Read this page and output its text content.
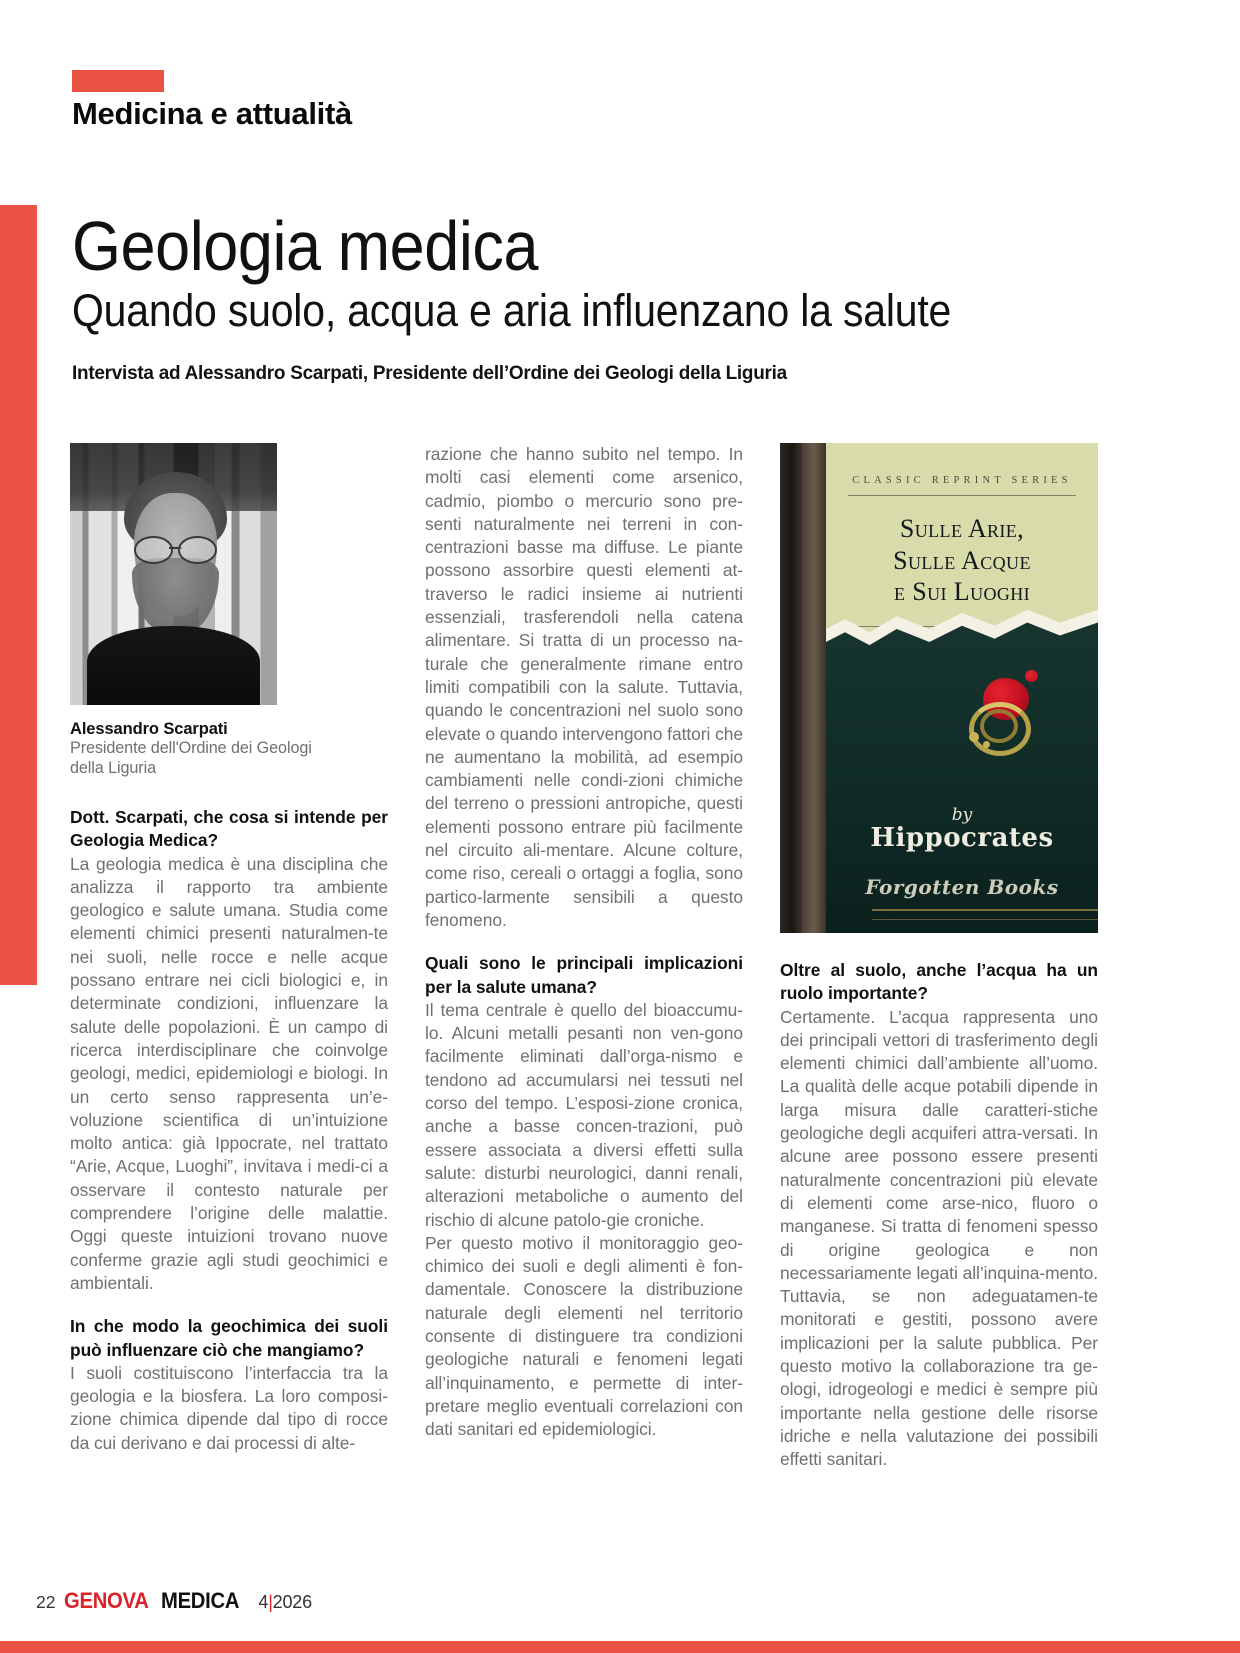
Medicina e attualità
Geologia medica
Quando suolo, acqua e aria influenzano la salute
Intervista ad Alessandro Scarpati, Presidente dell’Ordine dei Geologi della Liguria
Alessandro Scarpati
Presidente dell'Ordine dei Geologi
della Liguria

Dott. Scarpati, che cosa si intende per Geologia Medica?

La geologia medica è una disciplina che analizza il rapporto tra ambiente geologico e salute umana. Studia come elementi chimici presenti naturalmen-te nei suoli, nelle rocce e nelle acque possano entrare nei cicli biologici e, in determinate condizioni, influenzare la salute delle popolazioni. È un campo di ricerca interdisciplinare che coinvolge geologi, medici, epidemiologi e biologi. In un certo senso rappresenta un’e-voluzione scientifica di un’intuizione molto antica: già Ippocrate, nel trattato “Arie, Acque, Luoghi”, invitava i medi-ci a osservare il contesto naturale per comprendere l’origine delle malattie. Oggi queste intuizioni trovano nuove conferme grazie agli studi geochimici e ambientali.

In che modo la geochimica dei suoli può influenzare ciò che mangiamo?

I suoli costituiscono l’interfaccia tra la geologia e la biosfera. La loro composi-zione chimica dipende dal tipo di rocce da cui derivano e dai processi di alte-

razione che hanno subito nel tempo. In molti casi elementi come arsenico, cadmio, piombo o mercurio sono pre-senti naturalmente nei terreni in con-centrazioni basse ma diffuse. Le piante possono assorbire questi elementi at-traverso le radici insieme ai nutrienti essenziali, trasferendoli nella catena alimentare. Si tratta di un processo na-turale che generalmente rimane entro limiti compatibili con la salute. Tuttavia, quando le concentrazioni nel suolo sono elevate o quando intervengono fattori che ne aumentano la mobilità, ad esempio cambiamenti nelle condi-zioni chimiche del terreno o pressioni antropiche, questi elementi possono entrare più facilmente nel circuito ali-mentare. Alcune colture, come riso, cereali o ortaggi a foglia, sono partico-larmente sensibili a questo fenomeno.

Quali sono le principali implicazioni per la salute umana?

Il tema centrale è quello del bioaccumu-lo. Alcuni metalli pesanti non ven-gono facilmente eliminati dall’orga-nismo e tendono ad accumularsi nei tessuti nel corso del tempo. L’esposi-zione cronica, anche a basse concen-trazioni, può essere associata a diversi effetti sulla salute: disturbi neurologici, danni renali, alterazioni metaboliche o aumento del rischio di alcune patolo-gie croniche.

Per questo motivo il monitoraggio geo-chimico dei suoli e degli alimenti è fon-damentale. Conoscere la distribuzione naturale degli elementi nel territorio consente di distinguere tra condizioni geologiche naturali e fenomeni legati all’inquinamento, e permette di inter-pretare meglio eventuali correlazioni con dati sanitari ed epidemiologici.

CLASSIC REPRINT SERIES
Sulle Arie,
Sulle Acque
e Sui Luoghi
by
Hippocrates
Forgotten Books

Oltre al suolo, anche l’acqua ha un ruolo importante?

Certamente. L’acqua rappresenta uno dei principali vettori di trasferimento degli elementi chimici dall’ambiente all’uomo. La qualità delle acque potabili dipende in larga misura dalle caratteri-stiche geologiche degli acquiferi attra-versati. In alcune aree possono essere presenti naturalmente concentrazioni più elevate di elementi come arse-nico, fluoro o manganese. Si tratta di fenomeni spesso di origine geologica e non necessariamente legati all’inquina-mento. Tuttavia, se non adeguatamen-te monitorati e gestiti, possono avere implicazioni per la salute pubblica. Per questo motivo la collaborazione tra ge-ologi, idrogeologi e medici è sempre più importante nella gestione delle risorse idriche e nella valutazione dei possibili effetti sanitari.

22 GENOVA MEDICA 4|2026
